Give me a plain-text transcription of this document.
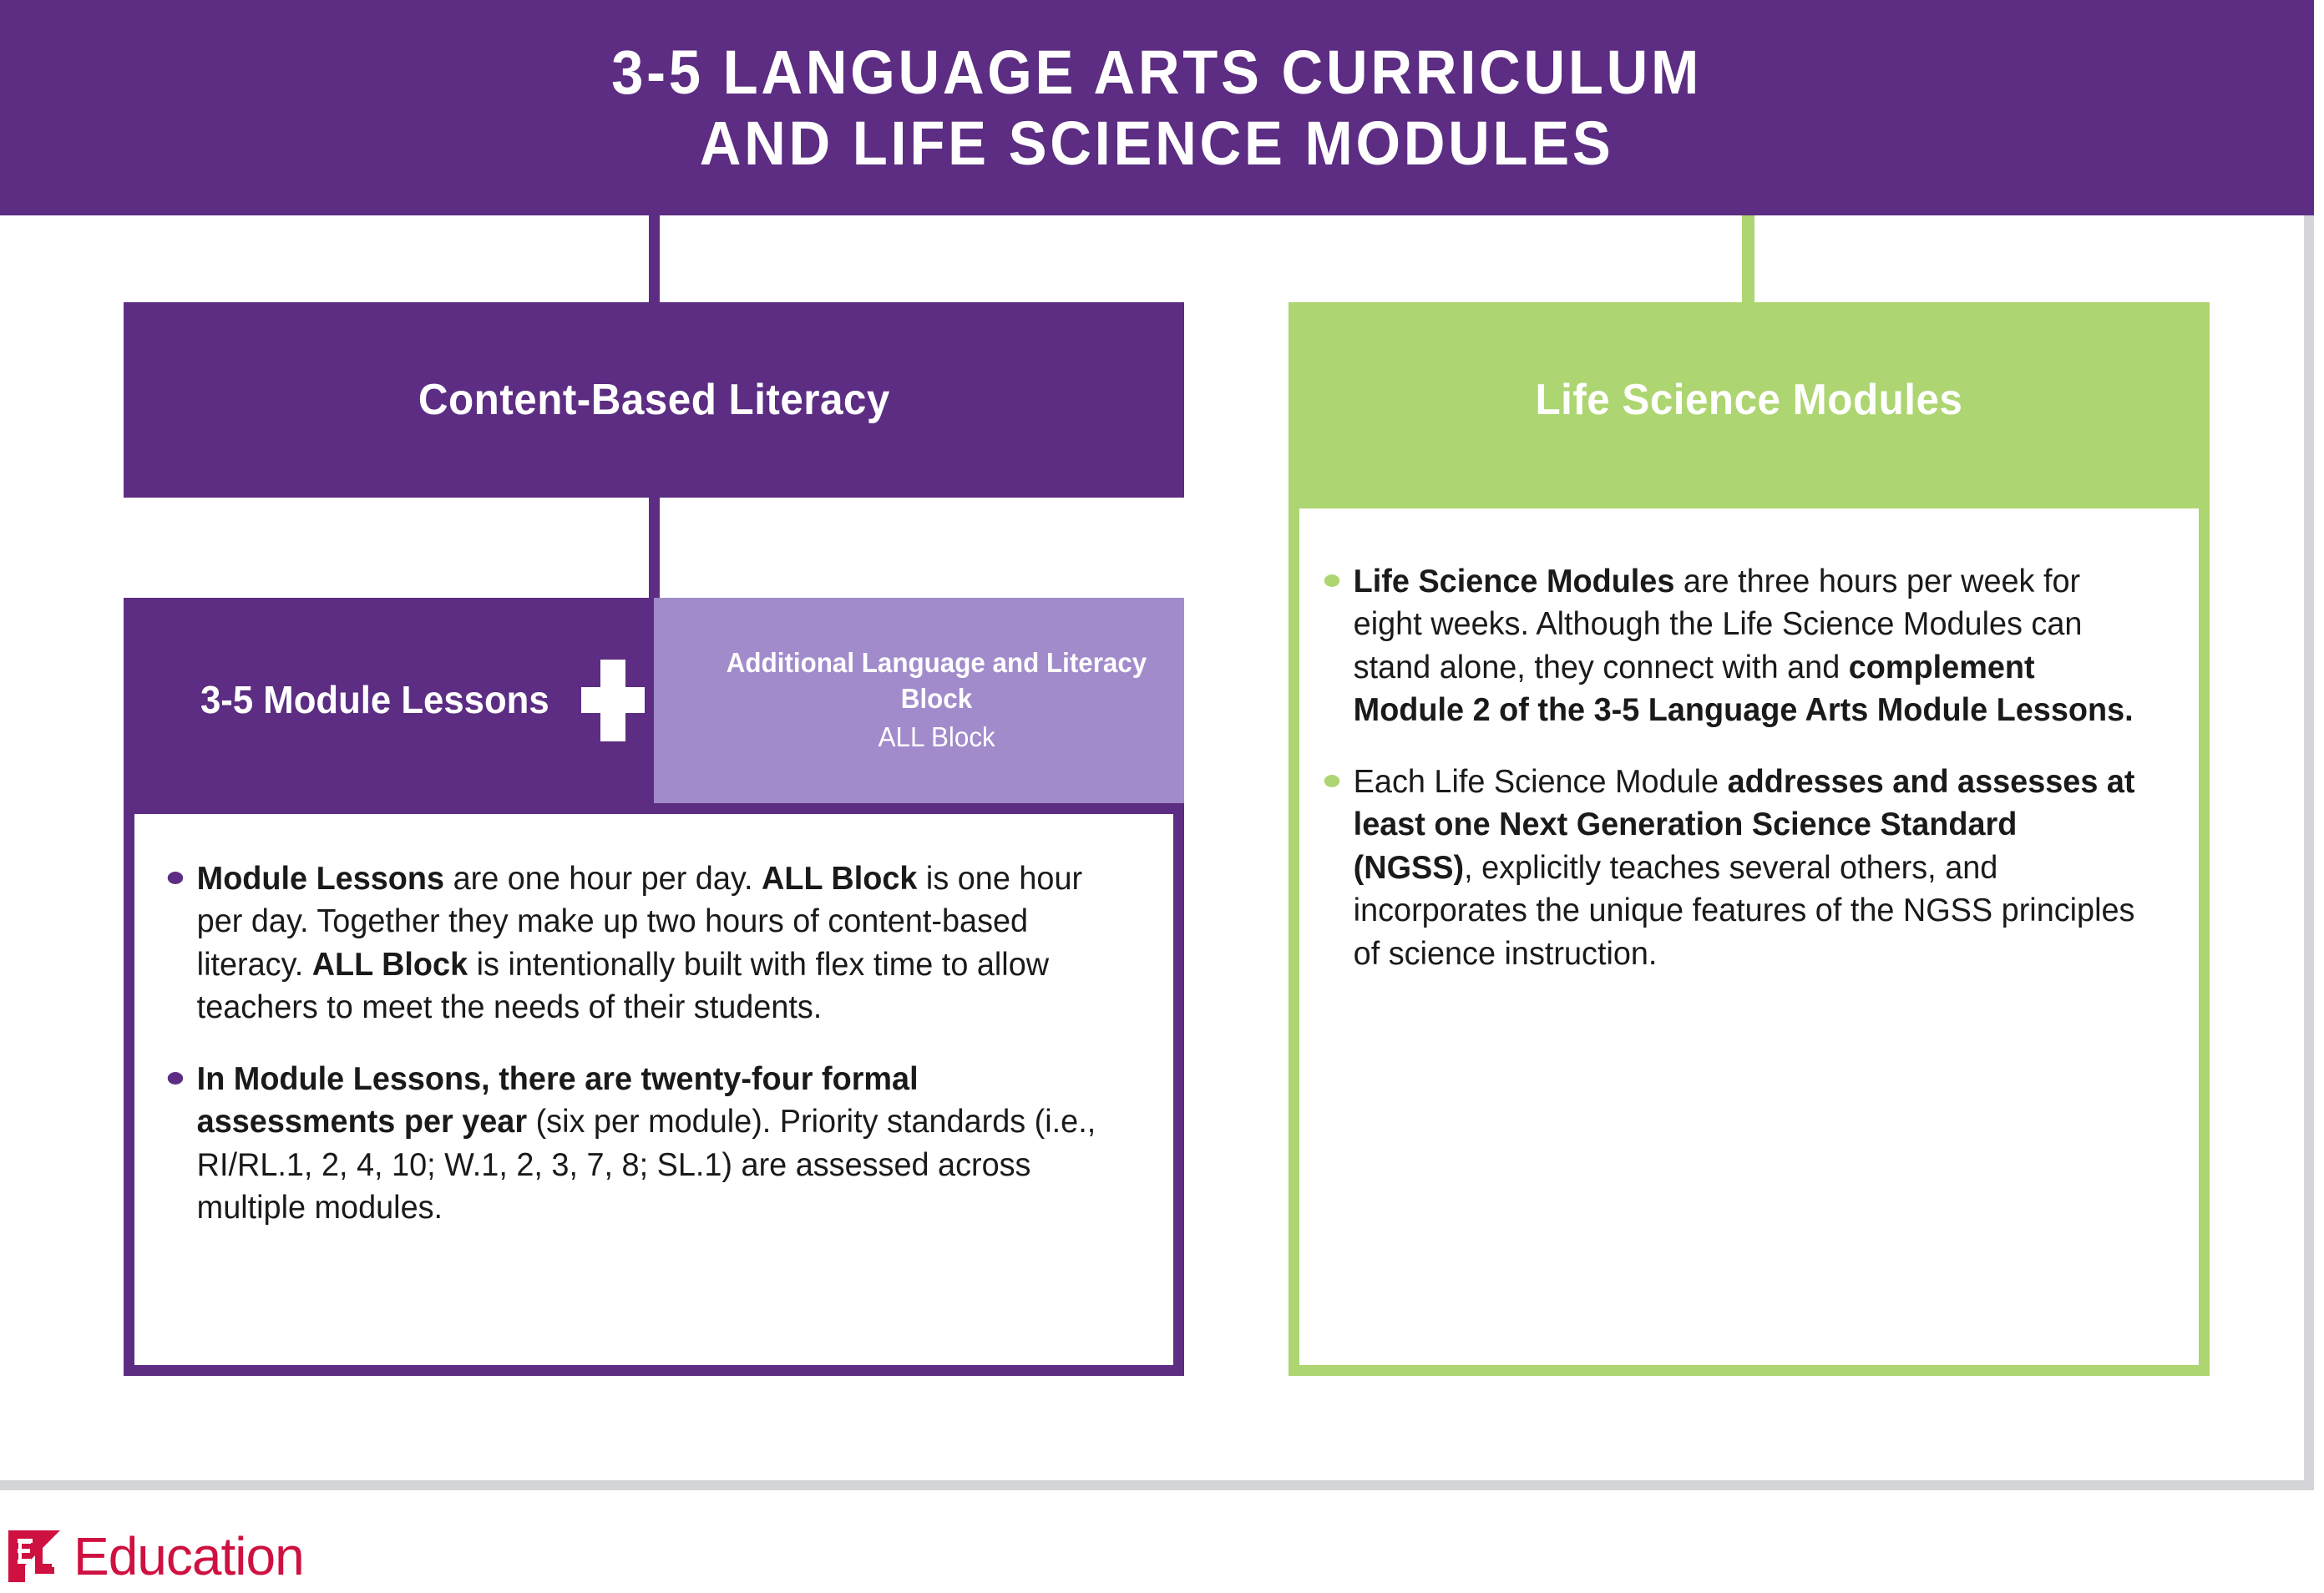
3-5 LANGUAGE ARTS CURRICULUM
AND LIFE SCIENCE MODULES
Content-Based Literacy
3-5 Module Lessons
Additional Language and Literacy Block
ALL Block
Module Lessons are one hour per day. ALL Block is one hour per day. Together they make up two hours of content-based literacy. ALL Block is intentionally built with flex time to allow teachers to meet the needs of their students.
In Module Lessons, there are twenty-four formal assessments per year (six per module). Priority standards (i.e., RI/RL.1, 2, 4, 10; W.1, 2, 3, 7, 8; SL.1) are assessed across multiple modules.
Life Science Modules
Life Science Modules are three hours per week for eight weeks. Although the Life Science Modules can stand alone, they connect with and complement Module 2 of the 3-5 Language Arts Module Lessons.
Each Life Science Module addresses and assesses at least one Next Generation Science Standard (NGSS), explicitly teaches several others, and incorporates the unique features of the NGSS principles of science instruction.
Education
